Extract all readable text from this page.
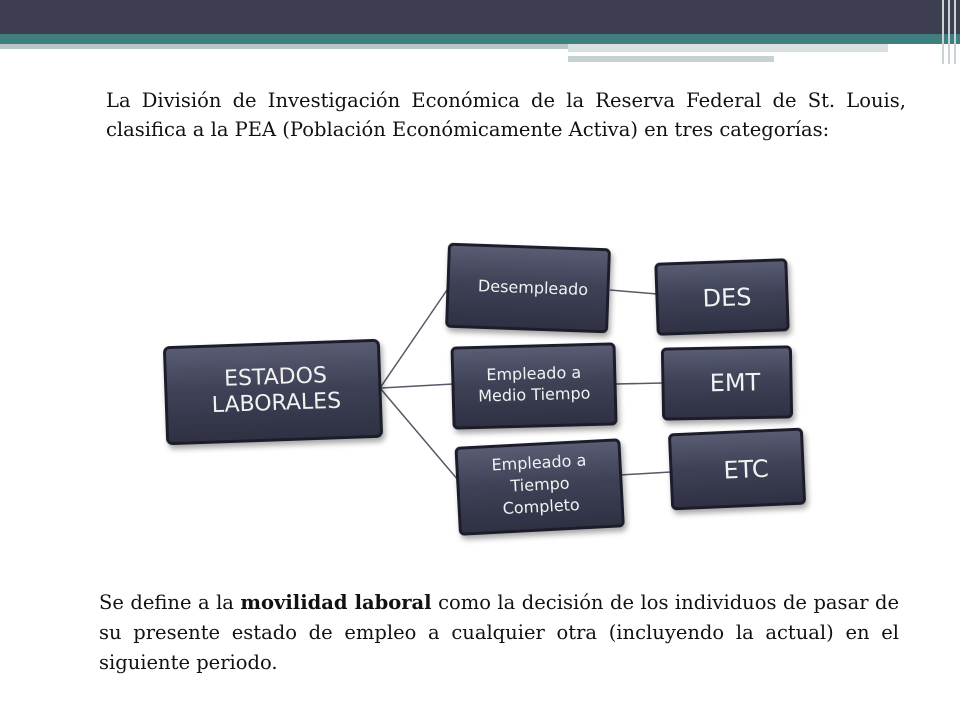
La División de Investigación Económica de la Reserva Federal de St. Louis, clasifica a la PEA (Población Económicamente Activa) en tres categorías:

ESTADOS
LABORALES
Desempleado
Empleado a
Medio Tiempo
Empleado a
Tiempo
Completo
DES
EMT
ETC

Se define a la movilidad laboral como la decisión de los individuos de pasar de su presente estado de empleo a cualquier otra (incluyendo la actual) en el siguiente periodo.
